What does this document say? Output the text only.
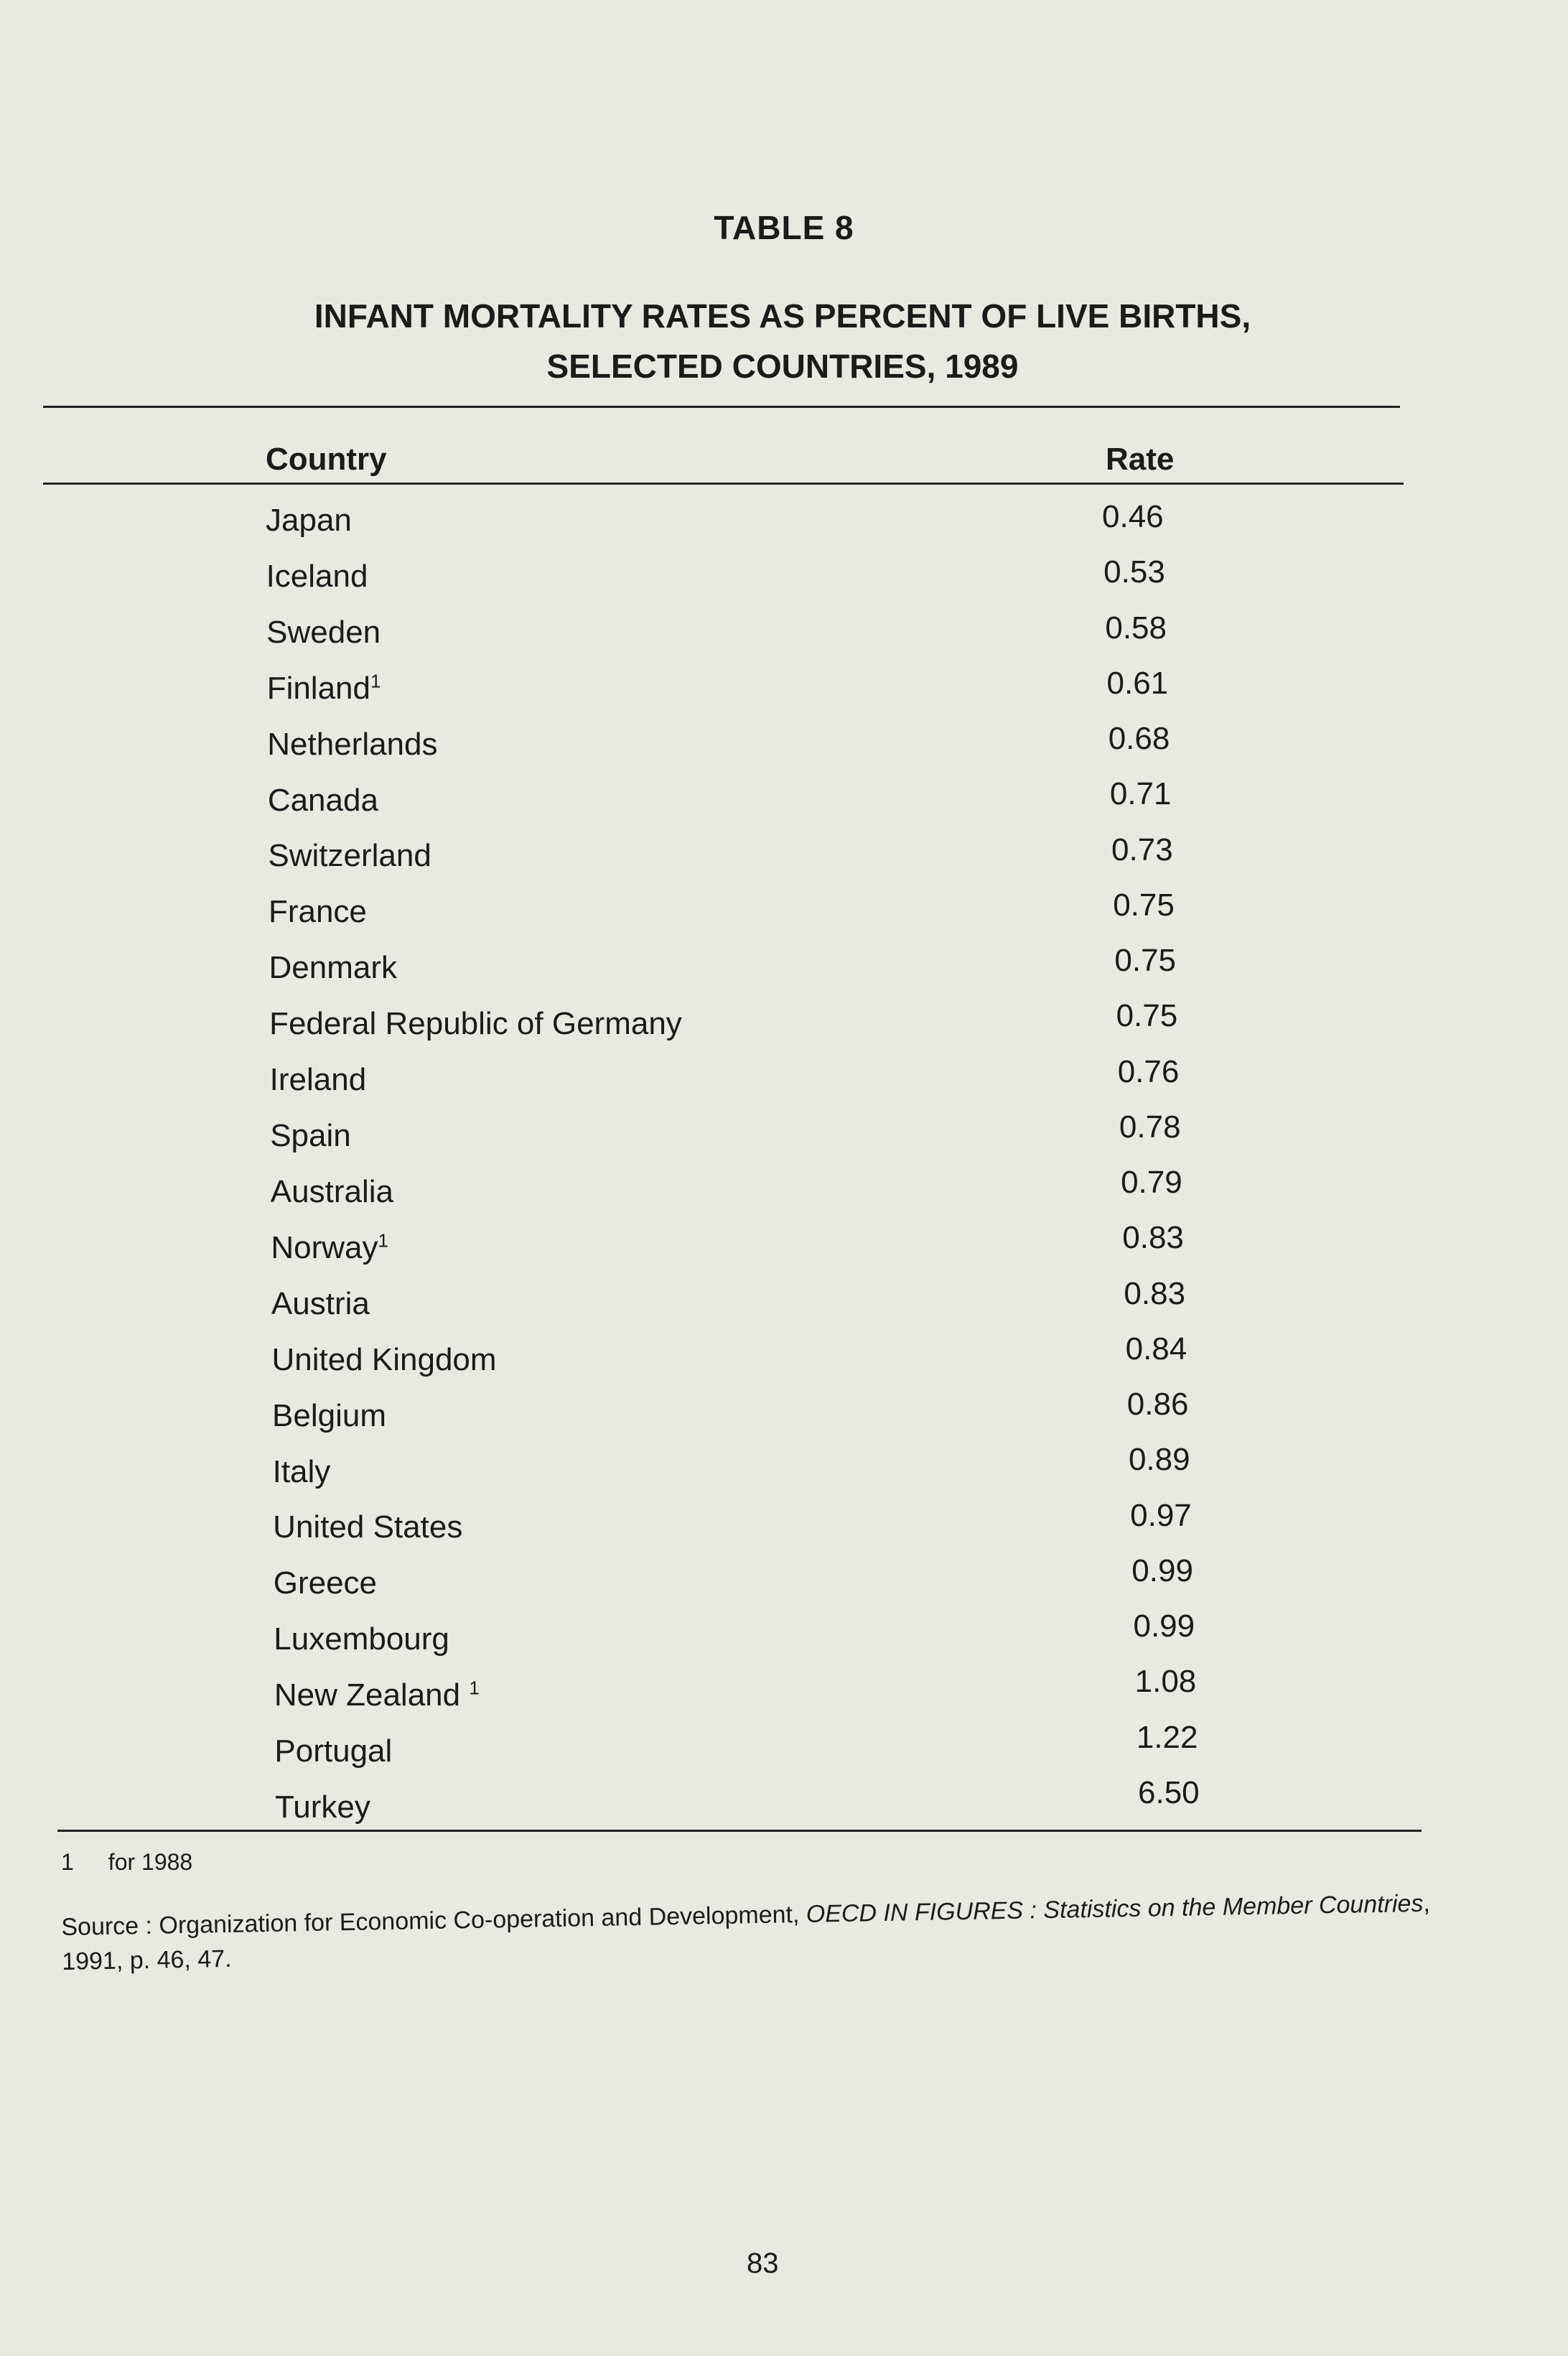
TABLE 8
INFANT MORTALITY RATES AS PERCENT OF LIVE BIRTHS,
SELECTED COUNTRIES, 1989
Country	Rate
Japan	0.46
Iceland	0.53
Sweden	0.58
Finland$^1$	0.61
Netherlands	0.68
Canada	0.71
Switzerland	0.73
France	0.75
Denmark	0.75
Federal Republic of Germany	0.75
Ireland	0.76
Spain	0.78
Australia	0.79
Norway$^1$	0.83
Austria	0.83
United Kingdom	0.84
Belgium	0.86
Italy	0.89
United States	0.97
Greece	0.99
Luxembourg	0.99
New Zealand $^1$	1.08
Portugal	1.22
Turkey	6.50
1 for 1988
Source : Organization for Economic Co-operation and Development, OECD IN FIGURES : Statistics on the Member Countries, 1991, p. 46, 47.
83
